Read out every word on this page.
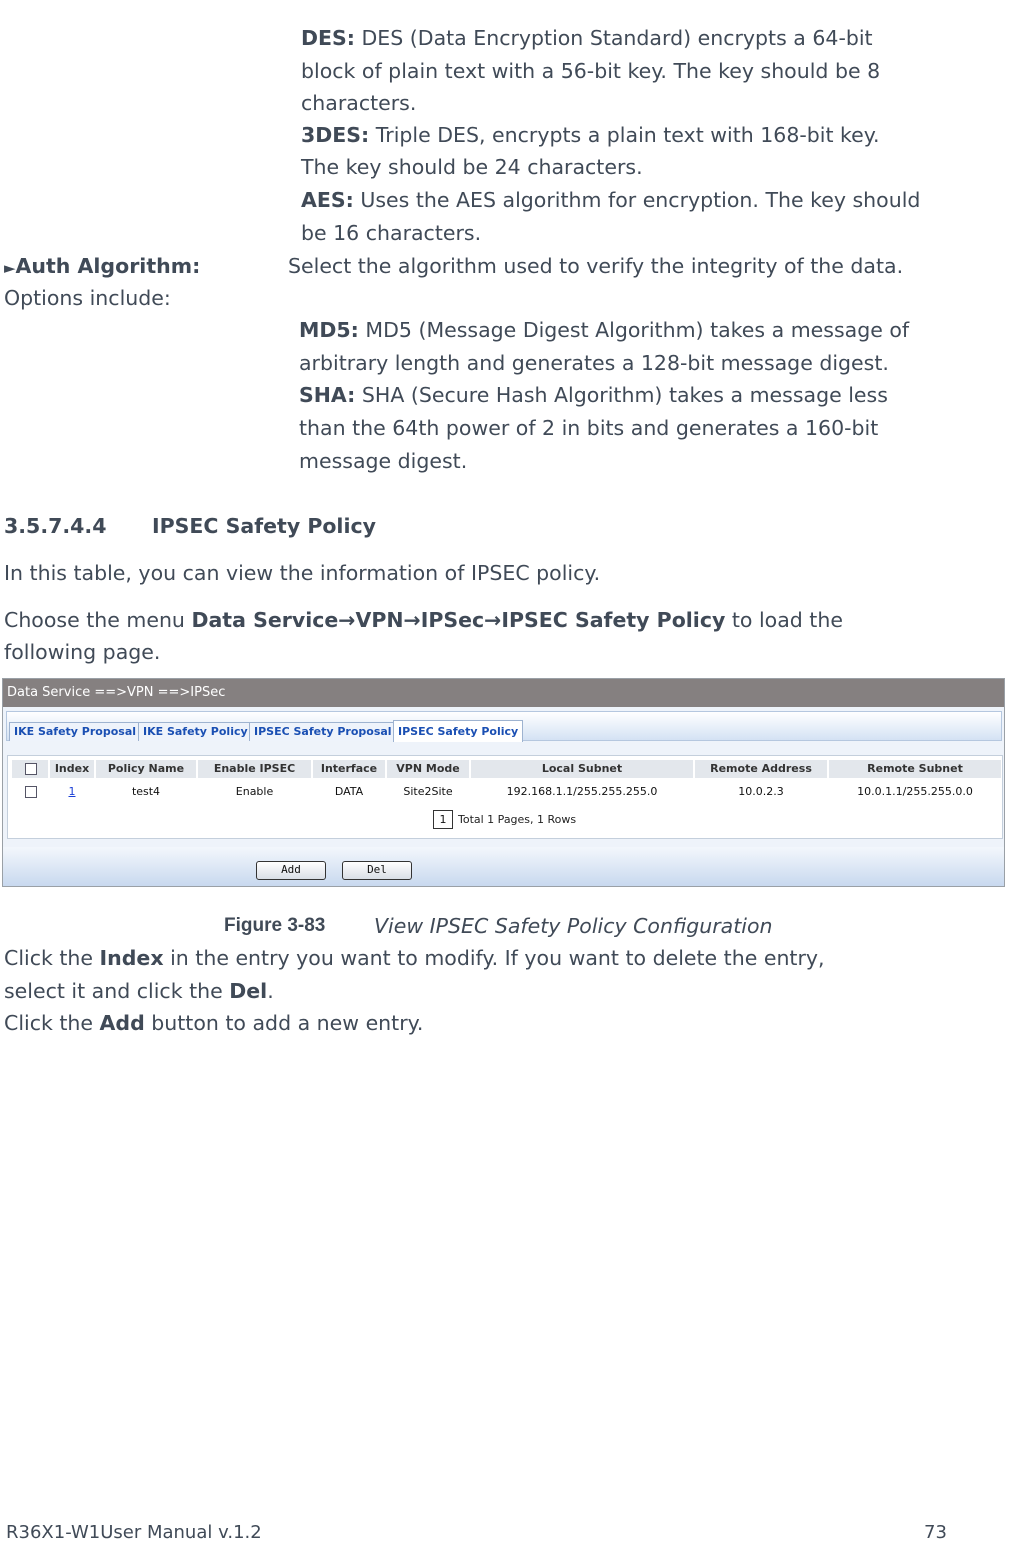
DES: DES (Data Encryption Standard) encrypts a 64-bit
block of plain text with a 56-bit key. The key should be 8
characters.
3DES: Triple DES, encrypts a plain text with 168-bit key.
The key should be 24 characters.
AES: Uses the AES algorithm for encryption. The key should
be 16 characters.
►Auth Algorithm:	Select the algorithm used to verify the integrity of the data.
Options include:
MD5: MD5 (Message Digest Algorithm) takes a message of
arbitrary length and generates a 128-bit message digest.
SHA: SHA (Secure Hash Algorithm) takes a message less
than the 64th power of 2 in bits and generates a 160-bit
message digest.
3.5.7.4.4 IPSEC Safety Policy
In this table, you can view the information of IPSEC policy.
Choose the menu Data Service→VPN→IPSec→IPSEC Safety Policy to load the
following page.
Data Service ==>VPN ==>IPSec
IKE Safety Proposal IKE Safety Policy IPSEC Safety Proposal IPSEC Safety Policy
Index	Policy Name	Enable IPSEC	Interface	VPN Mode	Local Subnet	Remote Address	Remote Subnet
1	test4	Enable	DATA	Site2Site	192.168.1.1/255.255.255.0	10.0.2.3	10.0.1.1/255.255.0.0
1	Total 1 Pages, 1 Rows
Add	Del
Figure 3-83 View IPSEC Safety Policy Configuration
Click the Index in the entry you want to modify. If you want to delete the entry,
select it and click the Del.
Click the Add button to add a new entry.
R36X1-W1User Manual v.1.2	73
